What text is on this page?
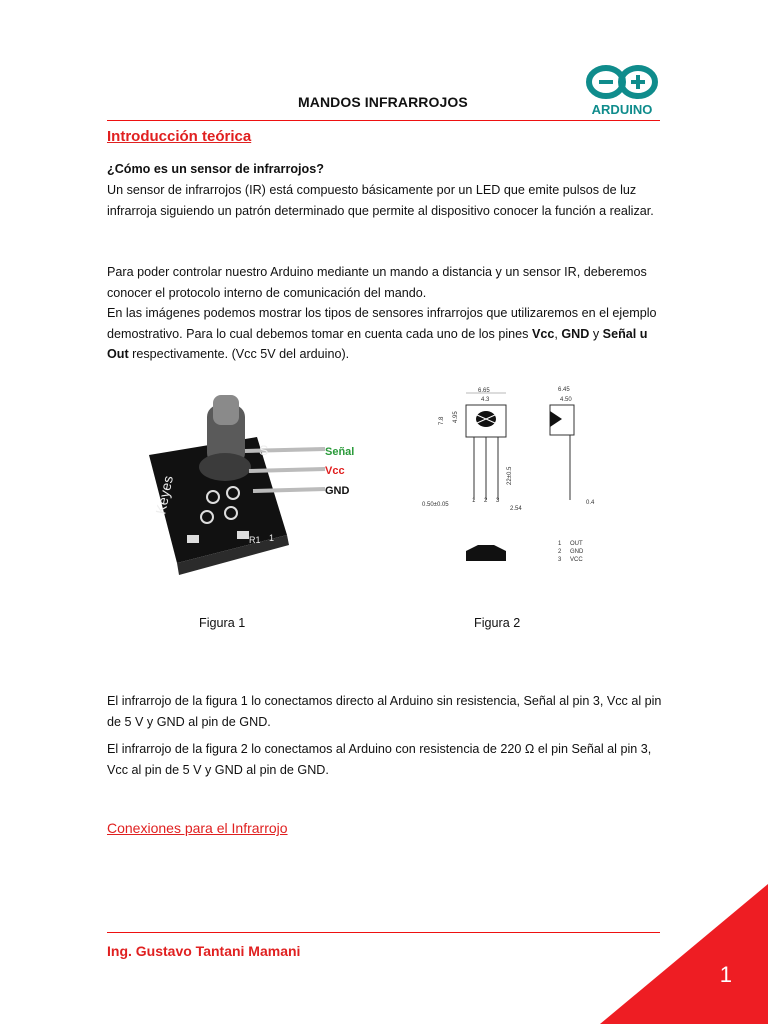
MANDOS INFRARROJOS	ARDUINO
Introducción teórica
¿Cómo es un sensor de infrarrojos?
Un sensor de infrarrojos (IR) está compuesto básicamente por un LED que emite pulsos de luz infrarroja siguiendo un patrón determinado que permite al dispositivo conocer la función a realizar.
Para poder controlar nuestro Arduino mediante un mando a distancia y un sensor IR, deberemos conocer el protocolo interno de comunicación del mando.
En las imágenes podemos mostrar los tipos de sensores infrarrojos que utilizaremos en el ejemplo demostrativo. Para lo cual debemos tomar en cuenta cada uno de los pines Vcc, GND y Señal u Out respectivamente. (Vcc 5V del arduino).
Keyes
S
R1 1
Señal
Vcc
GND
Figura 1
6.65
4.3
7.8 4.95
22±0.5
0.50±0.05
1 2 3
2.54
6.45
4.50
0.4
1 OUT
2 GND
3 VCC
Figura 2
El infrarrojo de la figura 1 lo conectamos directo al Arduino sin resistencia, Señal al pin 3, Vcc al pin de 5 V y GND al pin de GND.
El infrarrojo de la figura 2 lo conectamos al Arduino con resistencia de 220 Ω el pin Señal al pin 3, Vcc al pin de 5 V y GND al pin de GND.
Conexiones para el Infrarrojo
Ing. Gustavo Tantani Mamani
1
